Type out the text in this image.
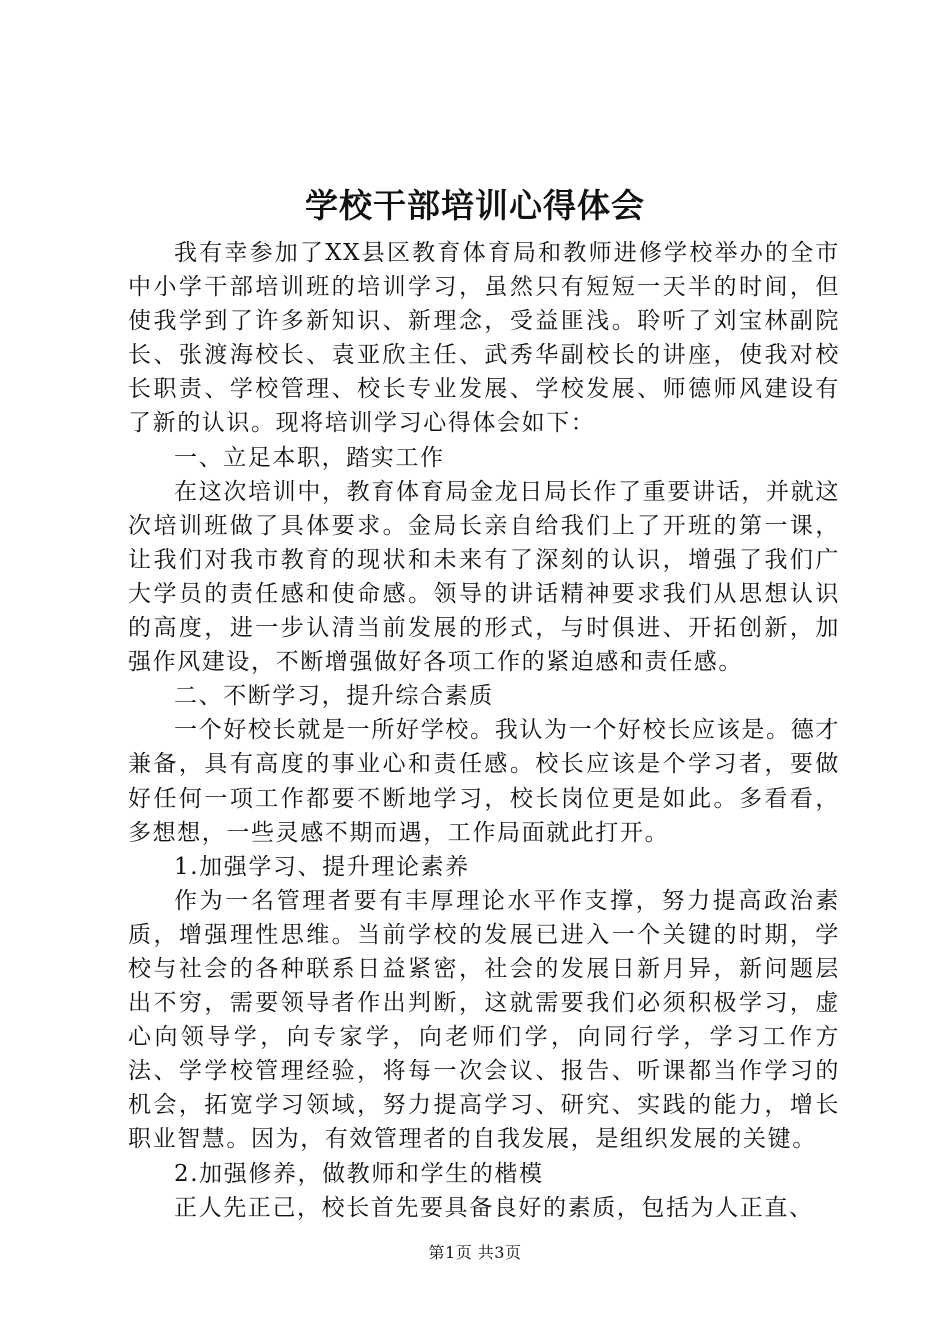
学校干部培训心得体会

我有幸参加了XX县区教育体育局和教师进修学校举办的全市中小学干部培训班的培训学习，虽然只有短短一天半的时间，但使我学到了许多新知识、新理念，受益匪浅。聆听了刘宝林副院长、张渡海校长、袁亚欣主任、武秀华副校长的讲座，使我对校长职责、学校管理、校长专业发展、学校发展、师德师风建设有了新的认识。现将培训学习心得体会如下：

一、立足本职，踏实工作

在这次培训中，教育体育局金龙日局长作了重要讲话，并就这次培训班做了具体要求。金局长亲自给我们上了开班的第一课，让我们对我市教育的现状和未来有了深刻的认识，增强了我们广大学员的责任感和使命感。领导的讲话精神要求我们从思想认识的高度，进一步认清当前发展的形式，与时俱进、开拓创新，加强作风建设，不断增强做好各项工作的紧迫感和责任感。

二、不断学习，提升综合素质

一个好校长就是一所好学校。我认为一个好校长应该是。德才兼备，具有高度的事业心和责任感。校长应该是个学习者，要做好任何一项工作都要不断地学习，校长岗位更是如此。多看看，多想想，一些灵感不期而遇，工作局面就此打开。

1.加强学习、提升理论素养

作为一名管理者要有丰厚理论水平作支撑，努力提高政治素质，增强理性思维。当前学校的发展已进入一个关键的时期，学校与社会的各种联系日益紧密，社会的发展日新月异，新问题层出不穷，需要领导者作出判断，这就需要我们必须积极学习，虚心向领导学，向专家学，向老师们学，向同行学，学习工作方法、学学校管理经验，将每一次会议、报告、听课都当作学习的机会，拓宽学习领域，努力提高学习、研究、实践的能力，增长职业智慧。因为，有效管理者的自我发展，是组织发展的关键。

2.加强修养，做教师和学生的楷模

正人先正己，校长首先要具备良好的素质，包括为人正直、

第1页 共3页
